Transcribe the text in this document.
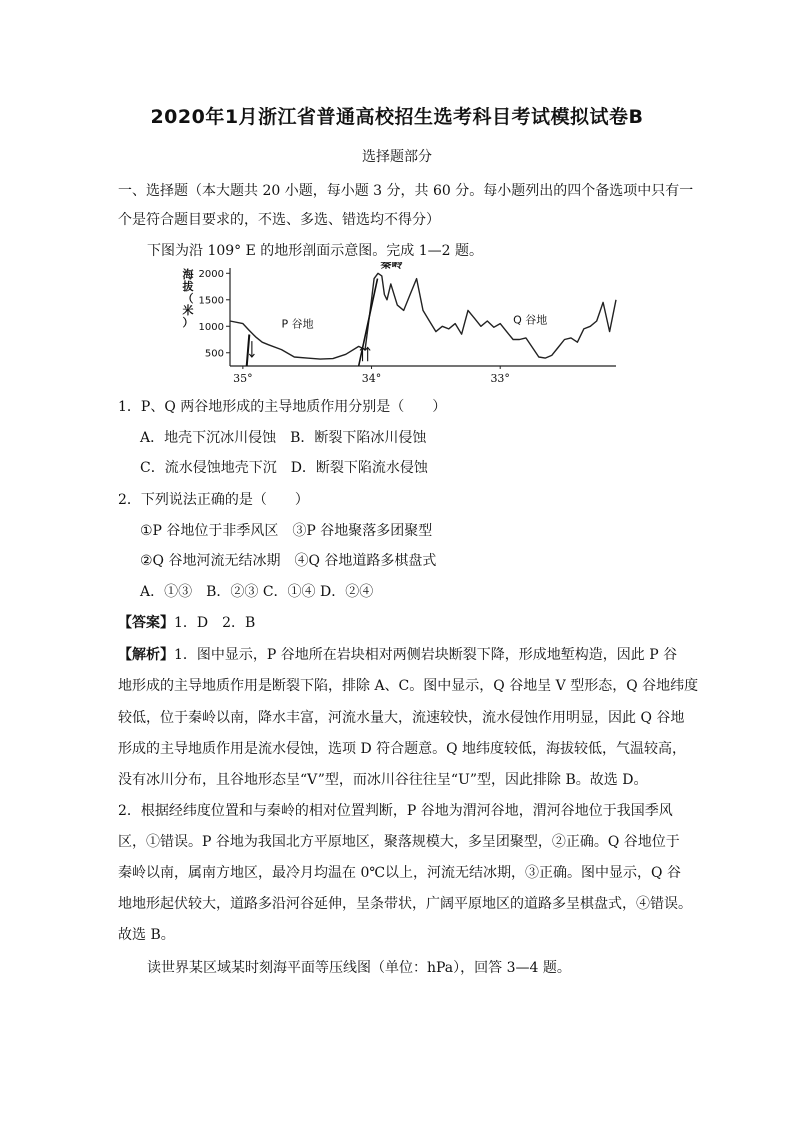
2020年1月浙江省普通高校招生选考科目考试模拟试卷B
选择题部分
一、选择题（本大题共 20 小题，每小题 3 分，共 60 分。每小题列出的四个备选项中只有一
个是符合题目要求的，不选、多选、错选均不得分）
下图为沿 109° E 的地形剖面示意图。完成 1—2 题。
2000
1500
1000
500
海
拔
（
米
）
35°	34°	33°
P 谷地	Q 谷地
秦岭
1．P、Q 两谷地形成的主导地质作用分别是（　　）
A．地壳下沉冰川侵蚀　B．断裂下陷冰川侵蚀
C．流水侵蚀地壳下沉　D．断裂下陷流水侵蚀
2．下列说法正确的是（　　）
①P 谷地位于非季风区　③P 谷地聚落多团聚型
②Q 谷地河流无结冰期　④Q 谷地道路多棋盘式
A．①③　B．②③ C．①④ D．②④
【答案】1．D　2．B
【解析】1．图中显示，P 谷地所在岩块相对两侧岩块断裂下降，形成地堑构造，因此 P 谷
地形成的主导地质作用是断裂下陷，排除 A、C。图中显示，Q 谷地呈 V 型形态，Q 谷地纬度
较低，位于秦岭以南，降水丰富，河流水量大，流速较快，流水侵蚀作用明显，因此 Q 谷地
形成的主导地质作用是流水侵蚀，选项 D 符合题意。Q 地纬度较低，海拔较低，气温较高，
没有冰川分布，且谷地形态呈“V”型，而冰川谷往往呈“U”型，因此排除 B。故选 D。
2．根据经纬度位置和与秦岭的相对位置判断，P 谷地为渭河谷地，渭河谷地位于我国季风
区，①错误。P 谷地为我国北方平原地区，聚落规模大，多呈团聚型，②正确。Q 谷地位于
秦岭以南，属南方地区，最冷月均温在 0℃以上，河流无结冰期，③正确。图中显示，Q 谷
地地形起伏较大，道路多沿河谷延伸，呈条带状，广阔平原地区的道路多呈棋盘式，④错误。
故选 B。
读世界某区域某时刻海平面等压线图（单位：hPa），回答 3—4 题。
